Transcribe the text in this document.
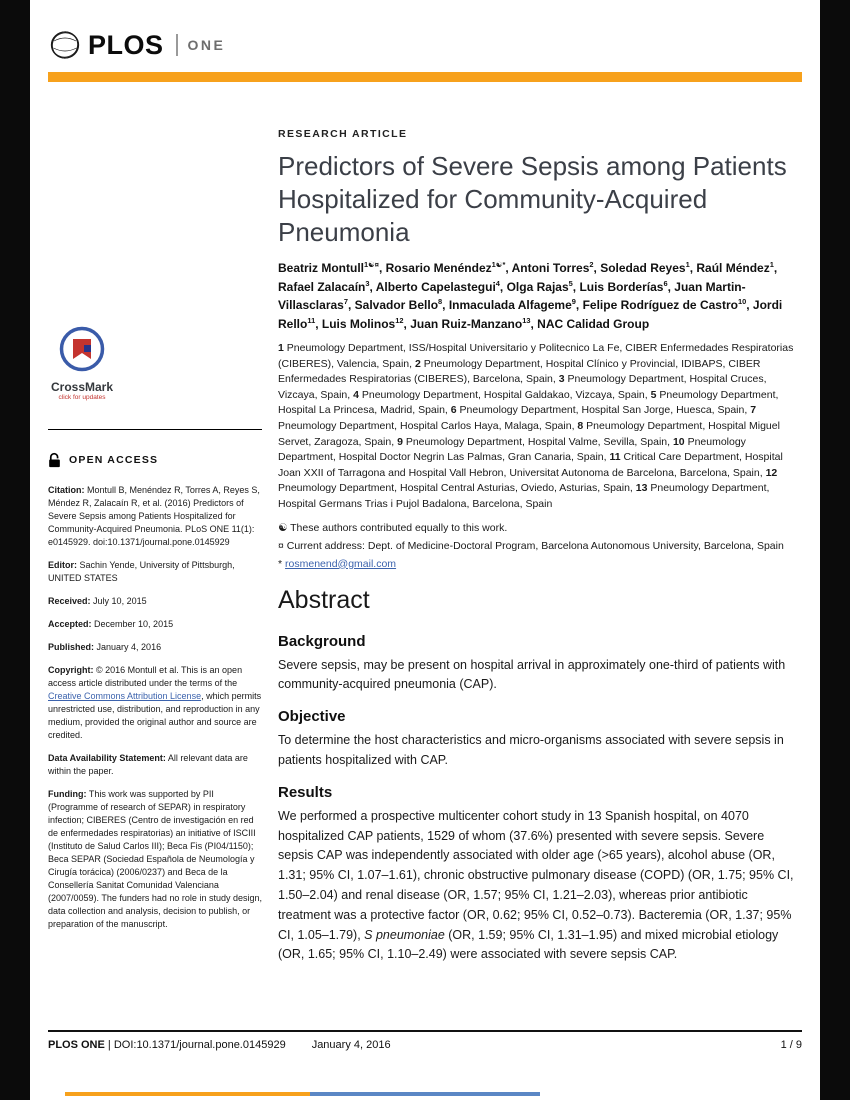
PLOS ONE
CrossMark
click for updates
OPEN ACCESS

Citation: Montull B, Menéndez R, Torres A, Reyes S, Méndez R, Zalacaín R, et al. (2016) Predictors of Severe Sepsis among Patients Hospitalized for Community-Acquired Pneumonia. PLoS ONE 11(1): e0145929. doi:10.1371/journal.pone.0145929

Editor: Sachin Yende, University of Pittsburgh, UNITED STATES

Received: July 10, 2015

Accepted: December 10, 2015

Published: January 4, 2016

Copyright: © 2016 Montull et al. This is an open access article distributed under the terms of the Creative Commons Attribution License, which permits unrestricted use, distribution, and reproduction in any medium, provided the original author and source are credited.

Data Availability Statement: All relevant data are within the paper.

Funding: This work was supported by PII (Programme of research of SEPAR) in respiratory infection; CIBERES (Centro de investigación en red de enfermedades respiratorias) an initiative of ISCIII (Instituto de Salud Carlos III); Beca Fis (PI04/1150); Beca SEPAR (Sociedad Española de Neumología y Cirugía torácica) (2006/0237) and Beca de la Consellería Sanitat Comunidad Valenciana (2007/0059). The funders had no role in study design, data collection and analysis, decision to publish, or preparation of the manuscript.

RESEARCH ARTICLE
Predictors of Severe Sepsis among Patients Hospitalized for Community-Acquired Pneumonia

Beatriz Montull$^{1☯¤}$, Rosario Menéndez$^{1☯*}$, Antoni Torres$^2$, Soledad Reyes$^1$, Raúl Méndez$^1$, Rafael Zalacaín$^3$, Alberto Capelastegui$^4$, Olga Rajas$^5$, Luis Borderías$^6$, Juan Martin-Villasclaras$^7$, Salvador Bello$^8$, Inmaculada Alfageme$^9$, Felipe Rodríguez de Castro$^{10}$, Jordi Rello$^{11}$, Luis Molinos$^{12}$, Juan Ruiz-Manzano$^{13}$, NAC Calidad Group

1 Pneumology Department, ISS/Hospital Universitario y Politecnico La Fe, CIBER Enfermedades Respiratorias (CIBERES), Valencia, Spain, 2 Pneumology Department, Hospital Clínico y Provincial, IDIBAPS, CIBER Enfermedades Respiratorias (CIBERES), Barcelona, Spain, 3 Pneumology Department, Hospital Cruces, Vizcaya, Spain, 4 Pneumology Department, Hospital Galdakao, Vizcaya, Spain, 5 Pneumology Department, Hospital La Princesa, Madrid, Spain, 6 Pneumology Department, Hospital San Jorge, Huesca, Spain, 7 Pneumology Department, Hospital Carlos Haya, Malaga, Spain, 8 Pneumology Department, Hospital Miguel Servet, Zaragoza, Spain, 9 Pneumology Department, Hospital Valme, Sevilla, Spain, 10 Pneumology Department, Hospital Doctor Negrin Las Palmas, Gran Canaria, Spain, 11 Critical Care Department, Hospital Joan XXII of Tarragona and Hospital Vall Hebron, Universitat Autonoma de Barcelona, Barcelona, Spain, 12 Pneumology Department, Hospital Central Asturias, Oviedo, Asturias, Spain, 13 Pneumology Department, Hospital Germans Trias i Pujol Badalona, Barcelona, Spain

☯ These authors contributed equally to this work.

¤ Current address: Dept. of Medicine-Doctoral Program, Barcelona Autonomous University, Barcelona, Spain

* rosmenend@gmail.com

Abstract
Background

Severe sepsis, may be present on hospital arrival in approximately one-third of patients with community-acquired pneumonia (CAP).

Objective

To determine the host characteristics and micro-organisms associated with severe sepsis in patients hospitalized with CAP.

Results

We performed a prospective multicenter cohort study in 13 Spanish hospital, on 4070 hospitalized CAP patients, 1529 of whom (37.6%) presented with severe sepsis. Severe sepsis CAP was independently associated with older age (>65 years), alcohol abuse (OR, 1.31; 95% CI, 1.07–1.61), chronic obstructive pulmonary disease (COPD) (OR, 1.75; 95% CI, 1.50–2.04) and renal disease (OR, 1.57; 95% CI, 1.21–2.03), whereas prior antibiotic treatment was a protective factor (OR, 0.62; 95% CI, 0.52–0.73). Bacteremia (OR, 1.37; 95% CI, 1.05–1.79), S pneumoniae (OR, 1.59; 95% CI, 1.31–1.95) and mixed microbial etiology (OR, 1.65; 95% CI, 1.10–2.49) were associated with severe sepsis CAP.

PLOS ONE | DOI:10.1371/journal.pone.0145929 January 4, 2016	1 / 9
